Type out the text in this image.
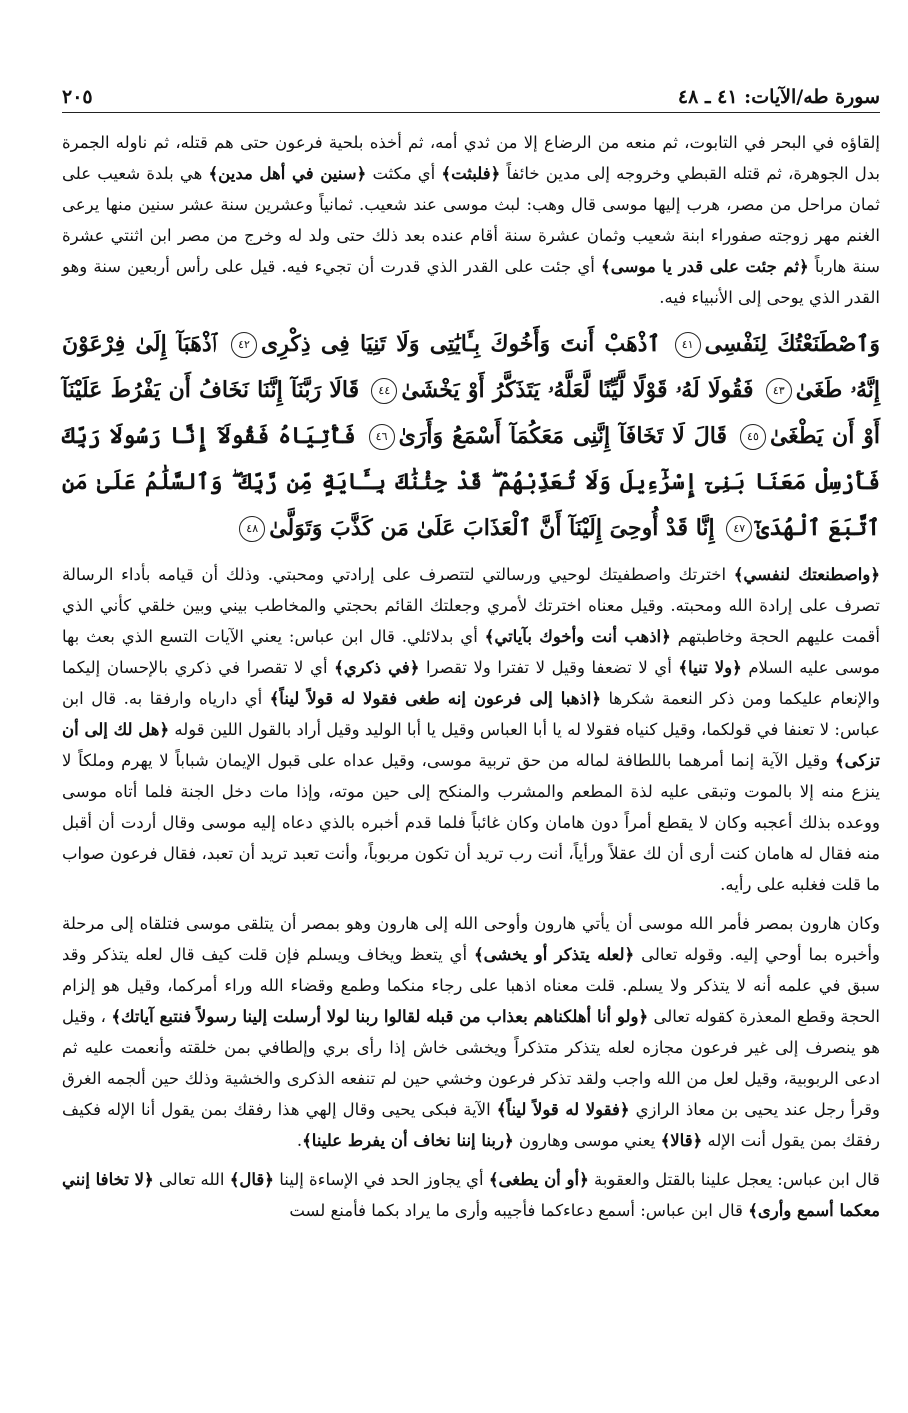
سورة طه/الآيات: ٤١ ـ ٤٨
٢٠٥

إلقاؤه في البحر في التابوت، ثم منعه من الرضاع إلا من ثدي أمه، ثم أخذه بلحية فرعون حتى هم قتله، ثم ناوله الجمرة بدل الجوهرة، ثم قتله القبطي وخروجه إلى مدين خائفاً ﴿فلبثت﴾ أي مكثت ﴿سنين في أهل مدين﴾ هي بلدة شعيب على ثمان مراحل من مصر، هرب إليها موسى قال وهب: لبث موسى عند شعيب. ثمانياً وعشرين سنة عشر سنين منها يرعى الغنم مهر زوجته صفوراء ابنة شعيب وثمان عشرة سنة أقام عنده بعد ذلك حتى ولد له وخرج من مصر ابن اثنتي عشرة سنة هارباً ﴿ثم جئت على قدر يا موسى﴾ أي جئت على القدر الذي قدرت أن تجيء فيه. قيل على رأس أربعين سنة وهو القدر الذي يوحى إلى الأنبياء فيه.

وَٱصْطَنَعْتُكَ لِنَفْسِى٤١ ٱذْهَبْ أَنتَ وَأَخُوكَ بِـَٔايَٰتِى وَلَا تَنِيَا فِى ذِكْرِى٤٢ ٱذْهَبَآ إِلَىٰ فِرْعَوْنَ إِنَّهُۥ طَغَىٰ٤٣ فَقُولَا لَهُۥ قَوْلًا لَّيِّنًا لَّعَلَّهُۥ يَتَذَكَّرُ أَوْ يَخْشَىٰ٤٤ قَالَا رَبَّنَآ إِنَّنَا نَخَافُ أَن يَفْرُطَ عَلَيْنَآ أَوْ أَن يَطْغَىٰ٤٥ قَالَ لَا تَخَافَآ إِنَّنِى مَعَكُمَآ أَسْمَعُ وَأَرَىٰ٤٦ فَأْتِيَاهُ فَقُولَآ إِنَّا رَسُولَا رَبِّكَ فَأَرْسِلْ مَعَنَا بَنِىٓ إِسْرَٰٓءِيلَ وَلَا تُعَذِّبْهُمْ ۖ قَدْ جِئْنَٰكَ بِـَٔايَةٍ مِّن رَّبِّكَ ۖ وَٱلسَّلَٰمُ عَلَىٰ مَنِ ٱتَّبَعَ ٱلْهُدَىٰٓ٤٧ إِنَّا قَدْ أُوحِىَ إِلَيْنَآ أَنَّ ٱلْعَذَابَ عَلَىٰ مَن كَذَّبَ وَتَوَلَّىٰ٤٨

﴿واصطنعتك لنفسي﴾ اخترتك واصطفيتك لوحيي ورسالتي لتتصرف على إرادتي ومحبتي. وذلك أن قيامه بأداء الرسالة تصرف على إرادة الله ومحبته. وقيل معناه اخترتك لأمري وجعلتك القائم بحجتي والمخاطب بيني وبين خلقي كأني الذي أقمت عليهم الحجة وخاطبتهم ﴿اذهب أنت وأخوك بآياتي﴾ أي بدلائلي. قال ابن عباس: يعني الآيات التسع الذي بعث بها موسى عليه السلام ﴿ولا تنيا﴾ أي لا تضعفا وقيل لا تفترا ولا تقصرا ﴿في ذكري﴾ أي لا تقصرا في ذكري بالإحسان إليكما والإنعام عليكما ومن ذكر النعمة شكرها ﴿اذهبا إلى فرعون إنه طغى فقولا له قولاً ليناً﴾ أي دارياه وارفقا به. قال ابن عباس: لا تعنفا في قولكما، وقيل كنياه فقولا له يا أبا العباس وقيل يا أبا الوليد وقيل أراد بالقول اللين قوله ﴿هل لك إلى أن تزكى﴾ وقيل الآية إنما أمرهما باللطافة لماله من حق تربية موسى، وقيل عداه على قبول الإيمان شباباً لا يهرم وملكاً لا ينزع منه إلا بالموت وتبقى عليه لذة المطعم والمشرب والمنكح إلى حين موته، وإذا مات دخل الجنة فلما أتاه موسى ووعده بذلك أعجبه وكان لا يقطع أمراً دون هامان وكان غائباً فلما قدم أخبره بالذي دعاه إليه موسى وقال أردت أن أقبل منه فقال له هامان كنت أرى أن لك عقلاً ورأياً، أنت رب تريد أن تكون مربوباً، وأنت تعبد تريد أن تعبد، فقال فرعون صواب ما قلت فغلبه على رأيه.

وكان هارون بمصر فأمر الله موسى أن يأتي هارون وأوحى الله إلى هارون وهو بمصر أن يتلقى موسى فتلقاه إلى مرحلة وأخبره بما أوحي إليه. وقوله تعالى ﴿لعله يتذكر أو يخشى﴾ أي يتعظ ويخاف ويسلم فإن قلت كيف قال لعله يتذكر وقد سبق في علمه أنه لا يتذكر ولا يسلم. قلت معناه اذهبا على رجاء منكما وطمع وقضاء الله وراء أمركما، وقيل هو إلزام الحجة وقطع المعذرة كقوله تعالى ﴿ولو أنا أهلكناهم بعذاب من قبله لقالوا ربنا لولا أرسلت إلينا رسولاً فنتبع آياتك﴾ ، وقيل هو ينصرف إلى غير فرعون مجازه لعله يتذكر متذكراً ويخشى خاش إذا رأى بري وإلطافي بمن خلقته وأنعمت عليه ثم ادعى الربوبية، وقيل لعل من الله واجب ولقد تذكر فرعون وخشي حين لم تنفعه الذكرى والخشية وذلك حين ألجمه الغرق وقرأ رجل عند يحيى بن معاذ الرازي ﴿فقولا له قولاً ليناً﴾ الآية فبكى يحيى وقال إلهي هذا رفقك بمن يقول أنا الإله فكيف رفقك بمن يقول أنت الإله ﴿قالا﴾ يعني موسى وهارون ﴿ربنا إننا نخاف أن يفرط علينا﴾.

قال ابن عباس: يعجل علينا بالقتل والعقوبة ﴿أو أن يطغى﴾ أي يجاوز الحد في الإساءة إلينا ﴿قال﴾ الله تعالى ﴿لا تخافا إنني معكما أسمع وأرى﴾ قال ابن عباس: أسمع دعاءكما فأجيبه وأرى ما يراد بكما فأمنع لست
